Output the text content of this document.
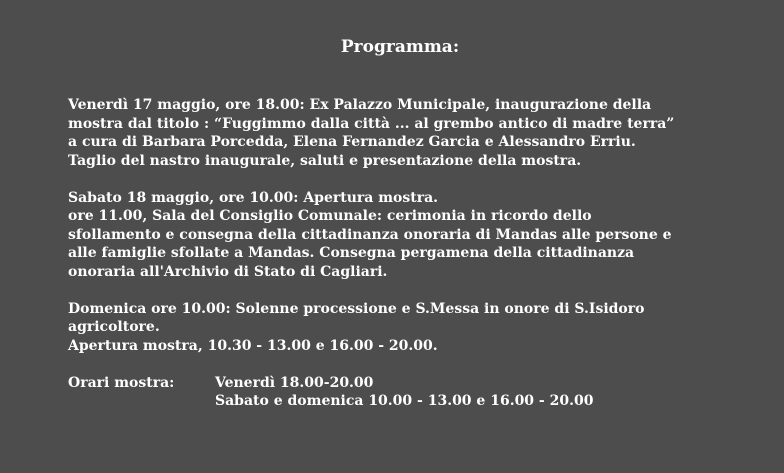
Programma:
Venerdì 17 maggio, ore 18.00: Ex Palazzo Municipale, inaugurazione della
mostra dal titolo : “Fuggimmo dalla città ... al grembo antico di madre terra”
a cura di Barbara Porcedda, Elena Fernandez Garcia e Alessandro Erriu.
Taglio del nastro inaugurale, saluti e presentazione della mostra.
Sabato 18 maggio, ore 10.00: Apertura mostra.
ore 11.00, Sala del Consiglio Comunale: cerimonia in ricordo dello
sfollamento e consegna della cittadinanza onoraria di Mandas alle persone e
alle famiglie sfollate a Mandas. Consegna pergamena della cittadinanza
onoraria all'Archivio di Stato di Cagliari.
Domenica ore 10.00: Solenne processione e S.Messa in onore di S.Isidoro
agricoltore.
Apertura mostra, 10.30 - 13.00 e 16.00 - 20.00.
Orari mostra:	Venerdì 18.00-20.00
Sabato e domenica 10.00 - 13.00 e 16.00 - 20.00
